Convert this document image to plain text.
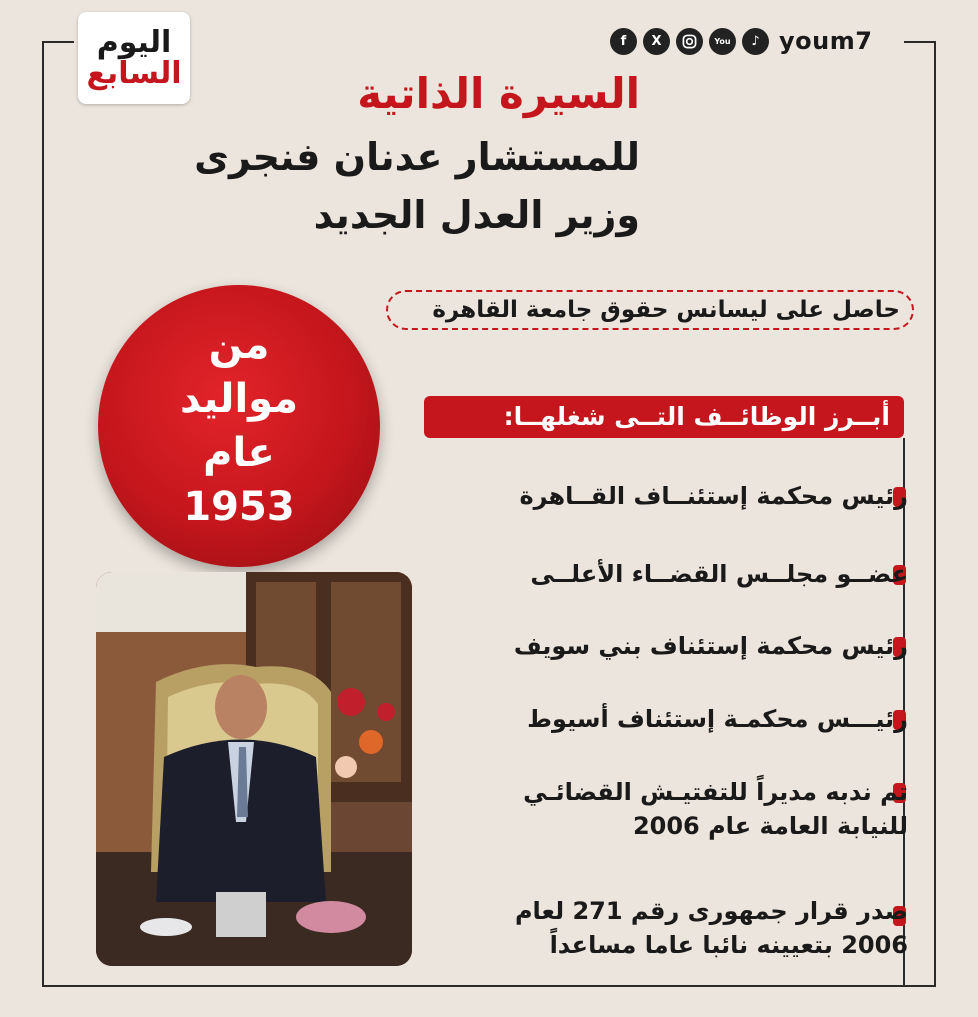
اليوم
السابع
f	X	You	♪ youm7
السيرة الذاتية
للمستشار عدنان فنجرى
وزير العدل الجديد
حاصل على ليسانس حقوق جامعة القاهرة
من
مواليد
عام
1953
أبــرز الوظائــف التــى شغلهــا:
رئيس محكمة إستئنــاف القــاهرة
عضــو مجلــس القضــاء الأعلــى
رئيس محكمة إستئناف بني سويف
رئيـــس محكمـة إستئناف أسيوط
تم ندبه مديراً للتفتيـش القضائـي للنيابة العامة عام 2006
صدر قرار جمهورى رقم 271 لعام 2006 بتعيينه نائبا عاما مساعداً
